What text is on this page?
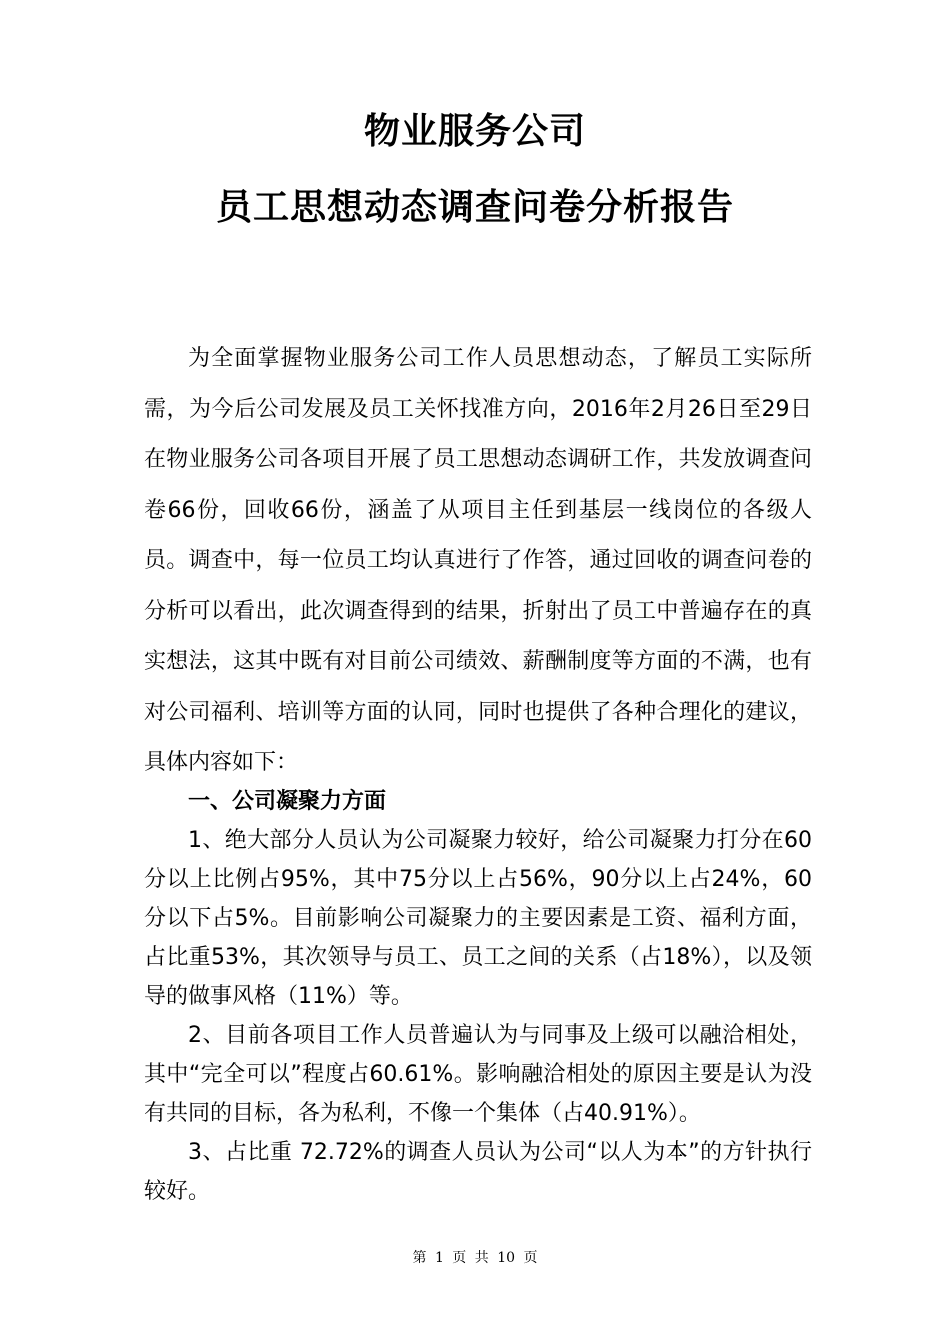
物业服务公司
员工思想动态调查问卷分析报告
为全面掌握物业服务公司工作人员思想动态，了解员工实际所需，为今后公司发展及员工关怀找准方向，2016年2月26日至29日在物业服务公司各项目开展了员工思想动态调研工作，共发放调查问卷66份，回收66份，涵盖了从项目主任到基层一线岗位的各级人员。调查中，每一位员工均认真进行了作答，通过回收的调查问卷的分析可以看出，此次调查得到的结果，折射出了员工中普遍存在的真实想法，这其中既有对目前公司绩效、薪酬制度等方面的不满，也有对公司福利、培训等方面的认同，同时也提供了各种合理化的建议，具体内容如下：

一、公司凝聚力方面

1、绝大部分人员认为公司凝聚力较好，给公司凝聚力打分在60分以上比例占95%，其中75分以上占56%，90分以上占24%，60分以下占5%。目前影响公司凝聚力的主要因素是工资、福利方面，占比重53%，其次领导与员工、员工之间的关系（占18%），以及领导的做事风格（11%）等。

2、目前各项目工作人员普遍认为与同事及上级可以融洽相处，其中“完全可以”程度占60.61%。影响融洽相处的原因主要是认为没有共同的目标，各为私利，不像一个集体（占40.91%）。

3、占比重 72.72%的调查人员认为公司“以人为本”的方针执行较好。

第 1 页 共 10 页
